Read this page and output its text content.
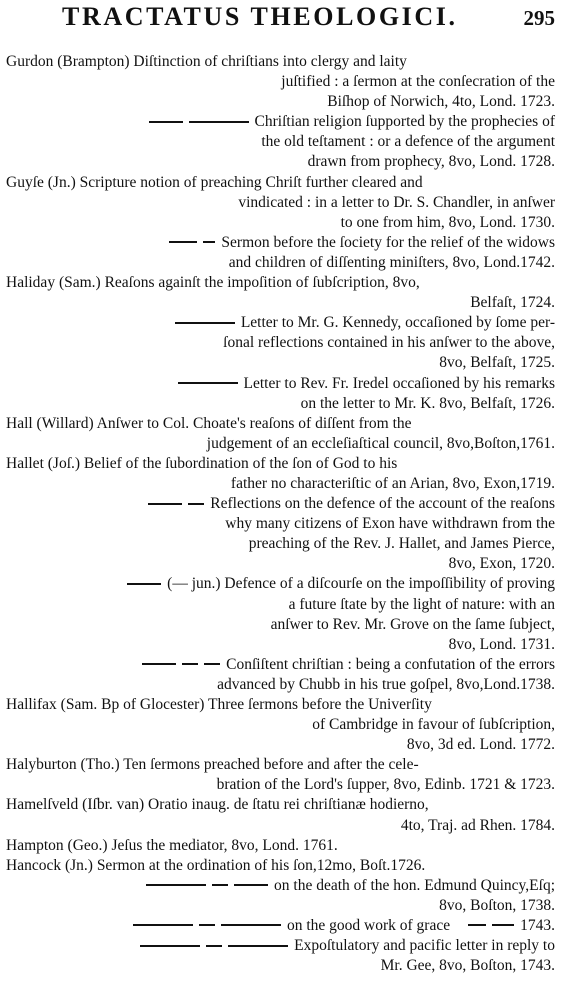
TRACTATUS THEOLOGICI.	295
Gurdon (Brampton) Diſtinction of chriſtians into clergy and laity
juſtified : a ſermon at the conſecration of the
Biſhop of Norwich, 4to, Lond. 1723.
Chriſtian religion ſupported by the prophecies of
the old teſtament : or a defence of the argument
drawn from prophecy, 8vo, Lond. 1728.
Guyſe (Jn.) Scripture notion of preaching Chriſt further cleared and
vindicated : in a letter to Dr. S. Chandler, in anſwer
to one from him, 8vo, Lond. 1730.
Sermon before the ſociety for the relief of the widows
and children of diſſenting miniſters, 8vo, Lond.1742.
Haliday (Sam.) Reaſons againſt the impoſition of ſubſcription, 8vo,
Belfaſt, 1724.
Letter to Mr. G. Kennedy, occaſioned by ſome per-
ſonal reflections contained in his anſwer to the above,
8vo, Belfaſt, 1725.
Letter to Rev. Fr. Iredel occaſioned by his remarks
on the letter to Mr. K. 8vo, Belfaſt, 1726.
Hall (Willard) Anſwer to Col. Choate's reaſons of diſſent from the
judgement of an eccleſiaſtical council, 8vo,Boſton,1761.
Hallet (Joſ.) Belief of the ſubordination of the ſon of God to his
father no characteriſtic of an Arian, 8vo, Exon,1719.
Reflections on the defence of the account of the reaſons
why many citizens of Exon have withdrawn from the
preaching of the Rev. J. Hallet, and James Pierce,
8vo, Exon, 1720.
(— jun.) Defence of a diſcourſe on the impoſſibility of proving
a future ſtate by the light of nature: with an
anſwer to Rev. Mr. Grove on the ſame ſubject,
8vo, Lond. 1731.
Conſiſtent chriſtian : being a confutation of the errors
advanced by Chubb in his true goſpel, 8vo,Lond.1738.
Hallifax (Sam. Bp of Glocester) Three ſermons before the Univerſity
of Cambridge in favour of ſubſcription,
8vo, 3d ed. Lond. 1772.
Halyburton (Tho.) Ten ſermons preached before and after the cele-
bration of the Lord's ſupper, 8vo, Edinb. 1721 & 1723.
Hamelſveld (Iſbr. van) Oratio inaug. de ſtatu rei chriſtianæ hodierno,
4to, Traj. ad Rhen. 1784.
Hampton (Geo.) Jeſus the mediator, 8vo, Lond. 1761.
Hancock (Jn.) Sermon at the ordination of his ſon,12mo, Boſt.1726.
on the death of the hon. Edmund Quincy,Eſq;
8vo, Boſton, 1738.
on the good work of grace	1743.
Expoſtulatory and pacific letter in reply to
Mr. Gee, 8vo, Boſton, 1743.
